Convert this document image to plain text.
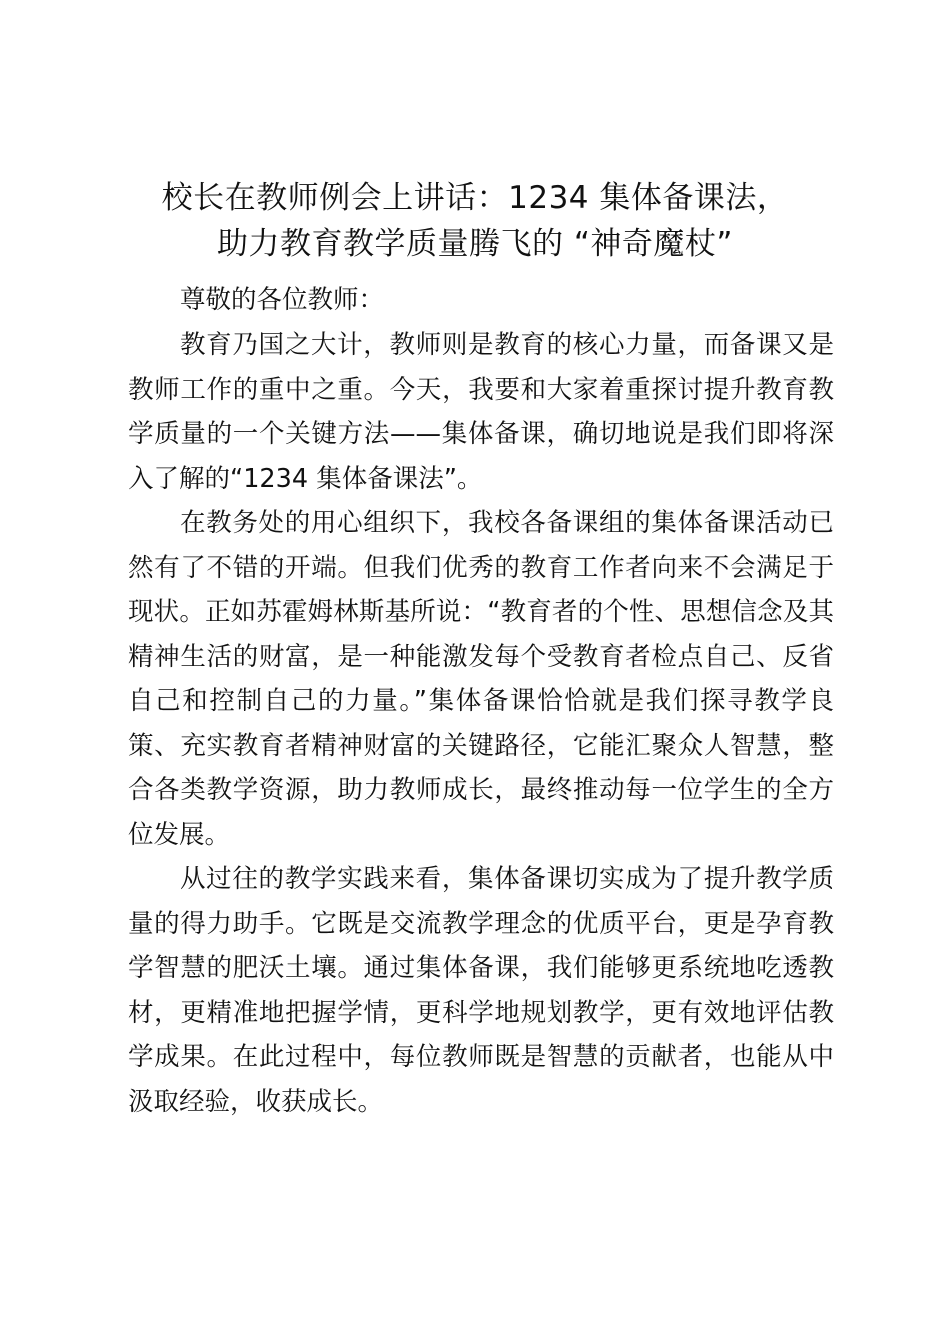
校长在教师例会上讲话：1234 集体备课法，
助力教育教学质量腾飞的 “神奇魔杖”

尊敬的各位教师：

教育乃国之大计，教师则是教育的核心力量，而备课又是教师工作的重中之重。今天，我要和大家着重探讨提升教育教学质量的一个关键方法——集体备课，确切地说是我们即将深入了解的“1234 集体备课法”。

在教务处的用心组织下，我校各备课组的集体备课活动已然有了不错的开端。但我们优秀的教育工作者向来不会满足于现状。正如苏霍姆林斯基所说：“教育者的个性、思想信念及其精神生活的财富，是一种能激发每个受教育者检点自己、反省自己和控制自己的力量。”集体备课恰恰就是我们探寻教学良策、充实教育者精神财富的关键路径，它能汇聚众人智慧，整合各类教学资源，助力教师成长，最终推动每一位学生的全方位发展。

从过往的教学实践来看，集体备课切实成为了提升教学质量的得力助手。它既是交流教学理念的优质平台，更是孕育教学智慧的肥沃土壤。通过集体备课，我们能够更系统地吃透教材，更精准地把握学情，更科学地规划教学，更有效地评估教学成果。在此过程中，每位教师既是智慧的贡献者，也能从中汲取经验，收获成长。
